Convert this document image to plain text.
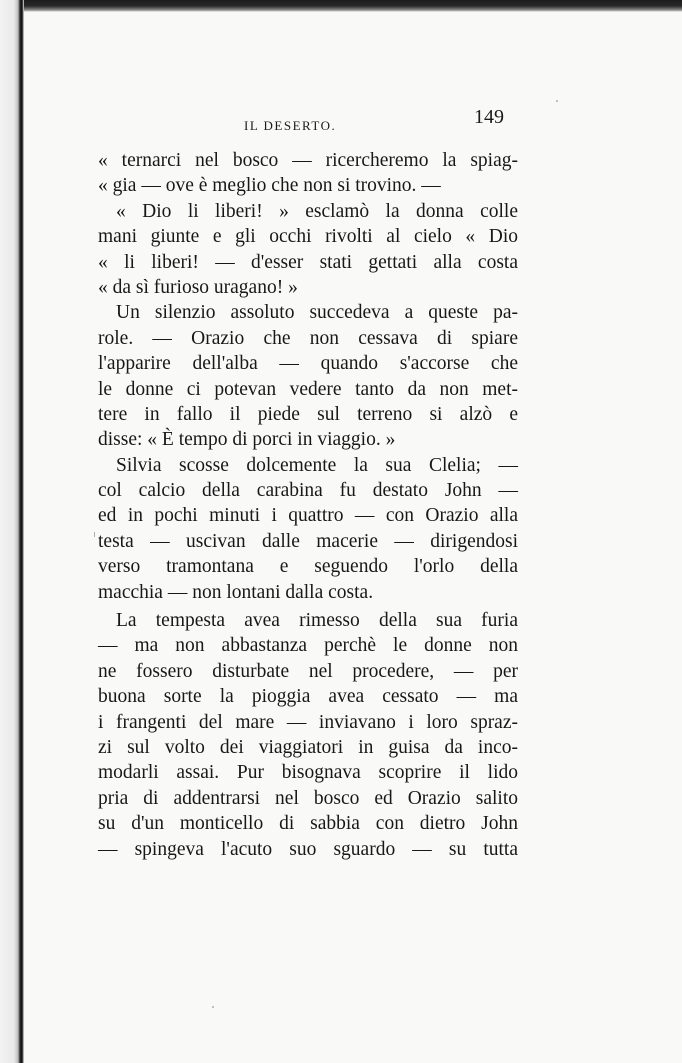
IL DESERTO.	149
« ternarci nel bosco — ricercheremo la spiag-
« gia — ove è meglio che non si trovino. —
« Dio li liberi! » esclamò la donna colle
mani giunte e gli occhi rivolti al cielo « Dio
« li liberi! — d'esser stati gettati alla costa
« da sì furioso uragano! »
Un silenzio assoluto succedeva a queste pa-
role. — Orazio che non cessava di spiare
l'apparire dell'alba — quando s'accorse che
le donne ci potevan vedere tanto da non met-
tere in fallo il piede sul terreno si alzò e
disse: « È tempo di porci in viaggio. »
Silvia scosse dolcemente la sua Clelia; —
col calcio della carabina fu destato John —
ed in pochi minuti i quattro — con Orazio alla
testa — uscivan dalle macerie — dirigendosi
verso tramontana e seguendo l'orlo della
macchia — non lontani dalla costa.
La tempesta avea rimesso della sua furia
— ma non abbastanza perchè le donne non
ne fossero disturbate nel procedere, — per
buona sorte la pioggia avea cessato — ma
i frangenti del mare — inviavano i loro spraz-
zi sul volto dei viaggiatori in guisa da inco-
modarli assai. Pur bisognava scoprire il lido
pria di addentrarsi nel bosco ed Orazio salito
su d'un monticello di sabbia con dietro John
— spingeva l'acuto suo sguardo — su tutta
